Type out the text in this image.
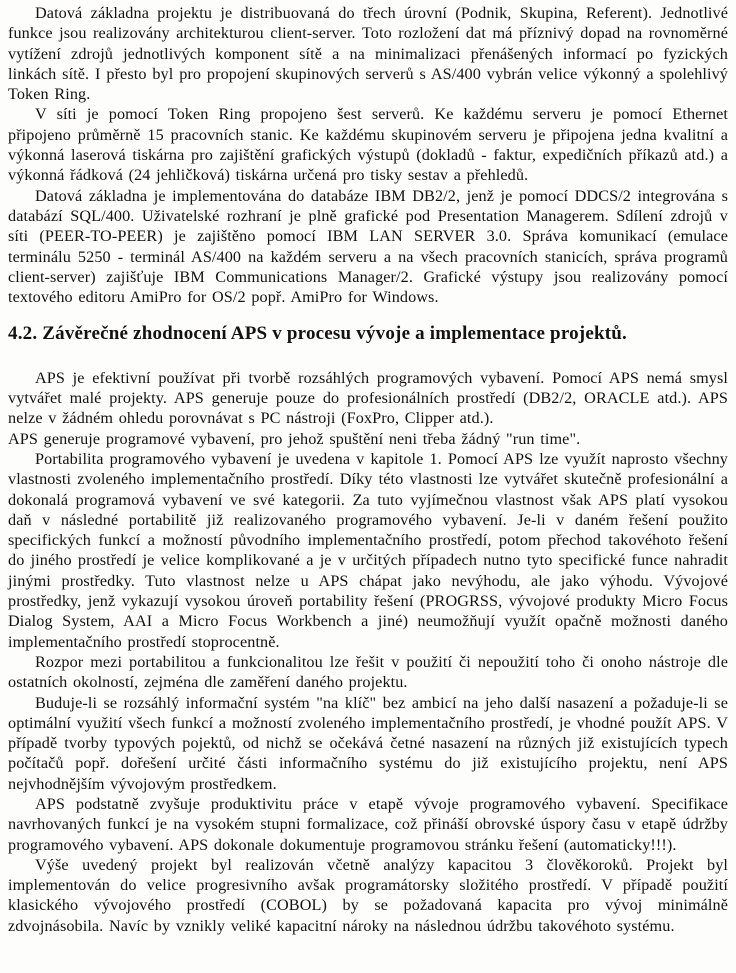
Datová základna projektu je distribuovaná do třech úrovní (Podnik, Skupina, Referent). Jednotlivé funkce jsou realizovány architekturou client-server. Toto rozložení dat má příznivý dopad na rovnoměrné vytížení zdrojů jednotlivých komponent sítě a na minimalizaci přenášených informací po fyzických linkách sítě. I přesto byl pro propojení skupinových serverů s AS/400 vybrán velice výkonný a spolehlivý Token Ring.

V síti je pomocí Token Ring propojeno šest serverů. Ke každému serveru je pomocí Ethernet připojeno průměrně 15 pracovních stanic. Ke každému skupinovém serveru je připojena jedna kvalitní a výkonná laserová tiskárna pro zajištění grafických výstupů (dokladů - faktur, expedičních příkazů atd.) a výkonná řádková (24 jehličková) tiskárna určená pro tisky sestav a přehledů.

Datová základna je implementována do databáze IBM DB2/2, jenž je pomocí DDCS/2 integrována s databází SQL/400. Uživatelské rozhraní je plně grafické pod Presentation Managerem. Sdílení zdrojů v síti (PEER-TO-PEER) je zajištěno pomocí IBM LAN SERVER 3.0. Správa komunikací (emulace terminálu 5250 - terminál AS/400 na každém serveru a na všech pracovních stanicích, správa programů client-server) zajišťuje IBM Communications Manager/2. Grafické výstupy jsou realizovány pomocí textového editoru AmiPro for OS/2 popř. AmiPro for Windows.

4.2. Závěrečné zhodnocení APS v procesu vývoje a implementace projektů.

APS je efektivní používat při tvorbě rozsáhlých programových vybavení. Pomocí APS nemá smysl vytvářet malé projekty. APS generuje pouze do profesionálních prostředí (DB2/2, ORACLE atd.). APS nelze v žádném ohledu porovnávat s PC nástroji (FoxPro, Clipper atd.).

APS generuje programové vybavení, pro jehož spuštění neni třeba žádný "run time".

Portabilita programového vybavení je uvedena v kapitole 1. Pomocí APS lze využít naprosto všechny vlastnosti zvoleného implementačního prostředí. Díky této vlastnosti lze vytvářet skutečně profesionální a dokonalá programová vybavení ve své kategorii. Za tuto vyjímečnou vlastnost však APS platí vysokou daň v následné portabilitě již realizovaného programového vybavení. Je-li v daném řešení použito specifických funkcí a možností původního implementačního prostředí, potom přechod takovéhoto řešení do jiného prostředí je velice komplikované a je v určitých případech nutno tyto specifické funce nahradit jinými prostředky. Tuto vlastnost nelze u APS chápat jako nevýhodu, ale jako výhodu. Vývojové prostředky, jenž vykazují vysokou úroveň portability řešení (PROGRSS, vývojové produkty Micro Focus Dialog System, AAI a Micro Focus Workbench a jiné) neumožňují využít opačně možnosti daného implementačního prostředí stoprocentně.

Rozpor mezi portabilitou a funkcionalitou lze řešit v použití či nepoužití toho či onoho nástroje dle ostatních okolností, zejména dle zaměření daného projektu.

Buduje-li se rozsáhlý informační systém "na klíč" bez ambicí na jeho další nasazení a požaduje-li se optimální využití všech funkcí a možností zvoleného implementačního prostředí, je vhodné použít APS. V případě tvorby typových pojektů, od nichž se očekává četné nasazení na různých již existujících typech počítačů popř. dořešení určité části informačního systému do již existujícího projektu, není APS nejvhodnějším vývojovým prostředkem.

APS podstatně zvyšuje produktivitu práce v etapě vývoje programového vybavení. Specifikace navrhovaných funkcí je na vysokém stupni formalizace, což přináší obrovské úspory času v etapě údržby programového vybavení. APS dokonale dokumentuje programovou stránku řešení (automaticky!!!).

Výše uvedený projekt byl realizován včetně analýzy kapacitou 3 člověkoroků. Projekt byl implementován do velice progresivního avšak programátorsky složitého prostředí. V případě použití klasického vývojového prostředí (COBOL) by se požadovaná kapacita pro vývoj minimálně zdvojnásobila. Navíc by vznikly veliké kapacitní nároky na následnou údržbu takovéhoto systému.
